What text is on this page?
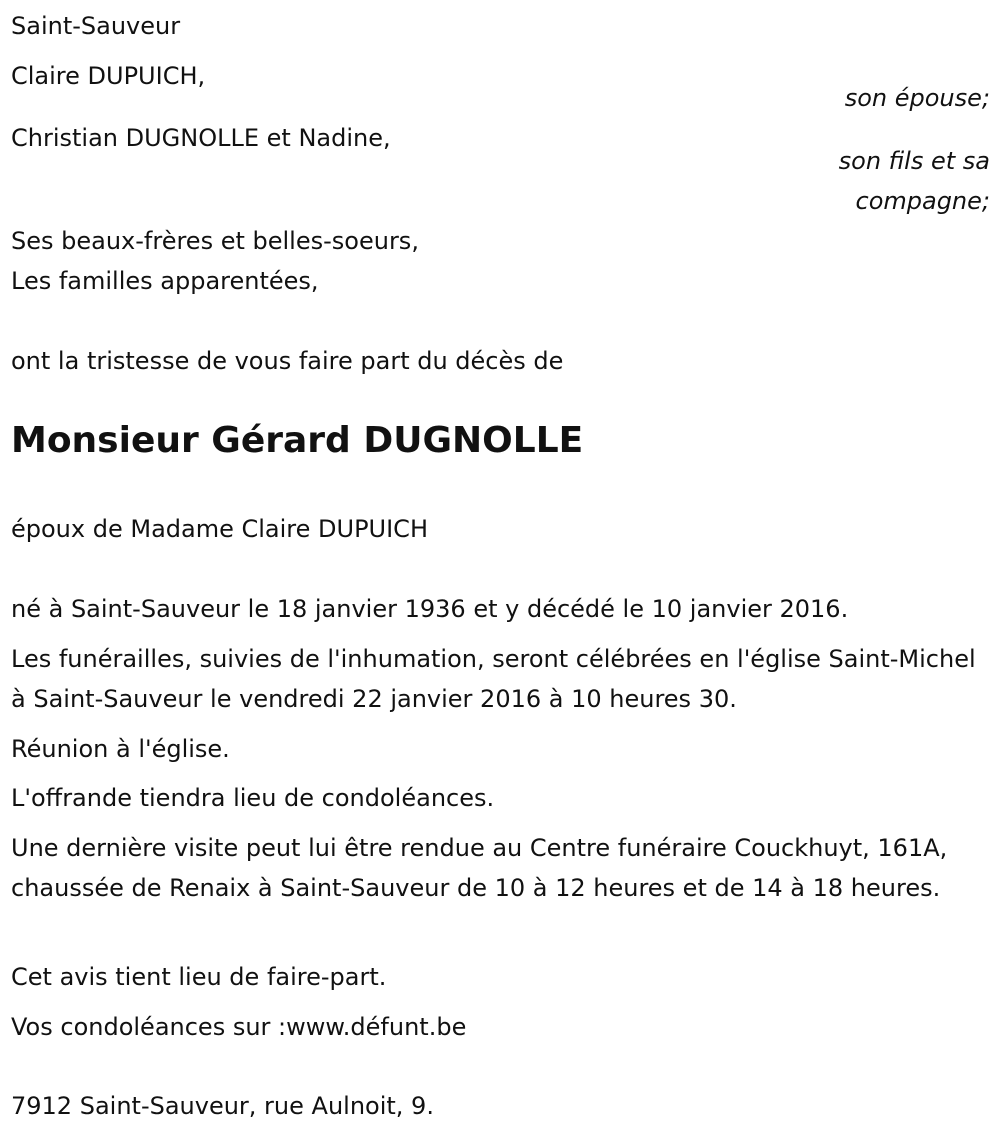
Saint-Sauveur
Claire DUPUICH,
son épouse;
Christian DUGNOLLE et Nadine,
son fils et sa
compagne;
Ses beaux-frères et belles-soeurs,
Les familles apparentées,
ont la tristesse de vous faire part du décès de
Monsieur Gérard DUGNOLLE
époux de Madame Claire DUPUICH
né à Saint-Sauveur le 18 janvier 1936 et y décédé le 10 janvier 2016.
Les funérailles, suivies de l'inhumation, seront célébrées en l'église Saint-Michel à Saint-Sauveur le vendredi 22 janvier 2016 à 10 heures 30.
Réunion à l'église.
L'offrande tiendra lieu de condoléances.
Une dernière visite peut lui être rendue au Centre funéraire Couckhuyt, 161A, chaussée de Renaix à Saint-Sauveur de 10 à 12 heures et de 14 à 18 heures.
Cet avis tient lieu de faire-part.
Vos condoléances sur :www.défunt.be
7912 Saint-Sauveur, rue Aulnoit, 9.
